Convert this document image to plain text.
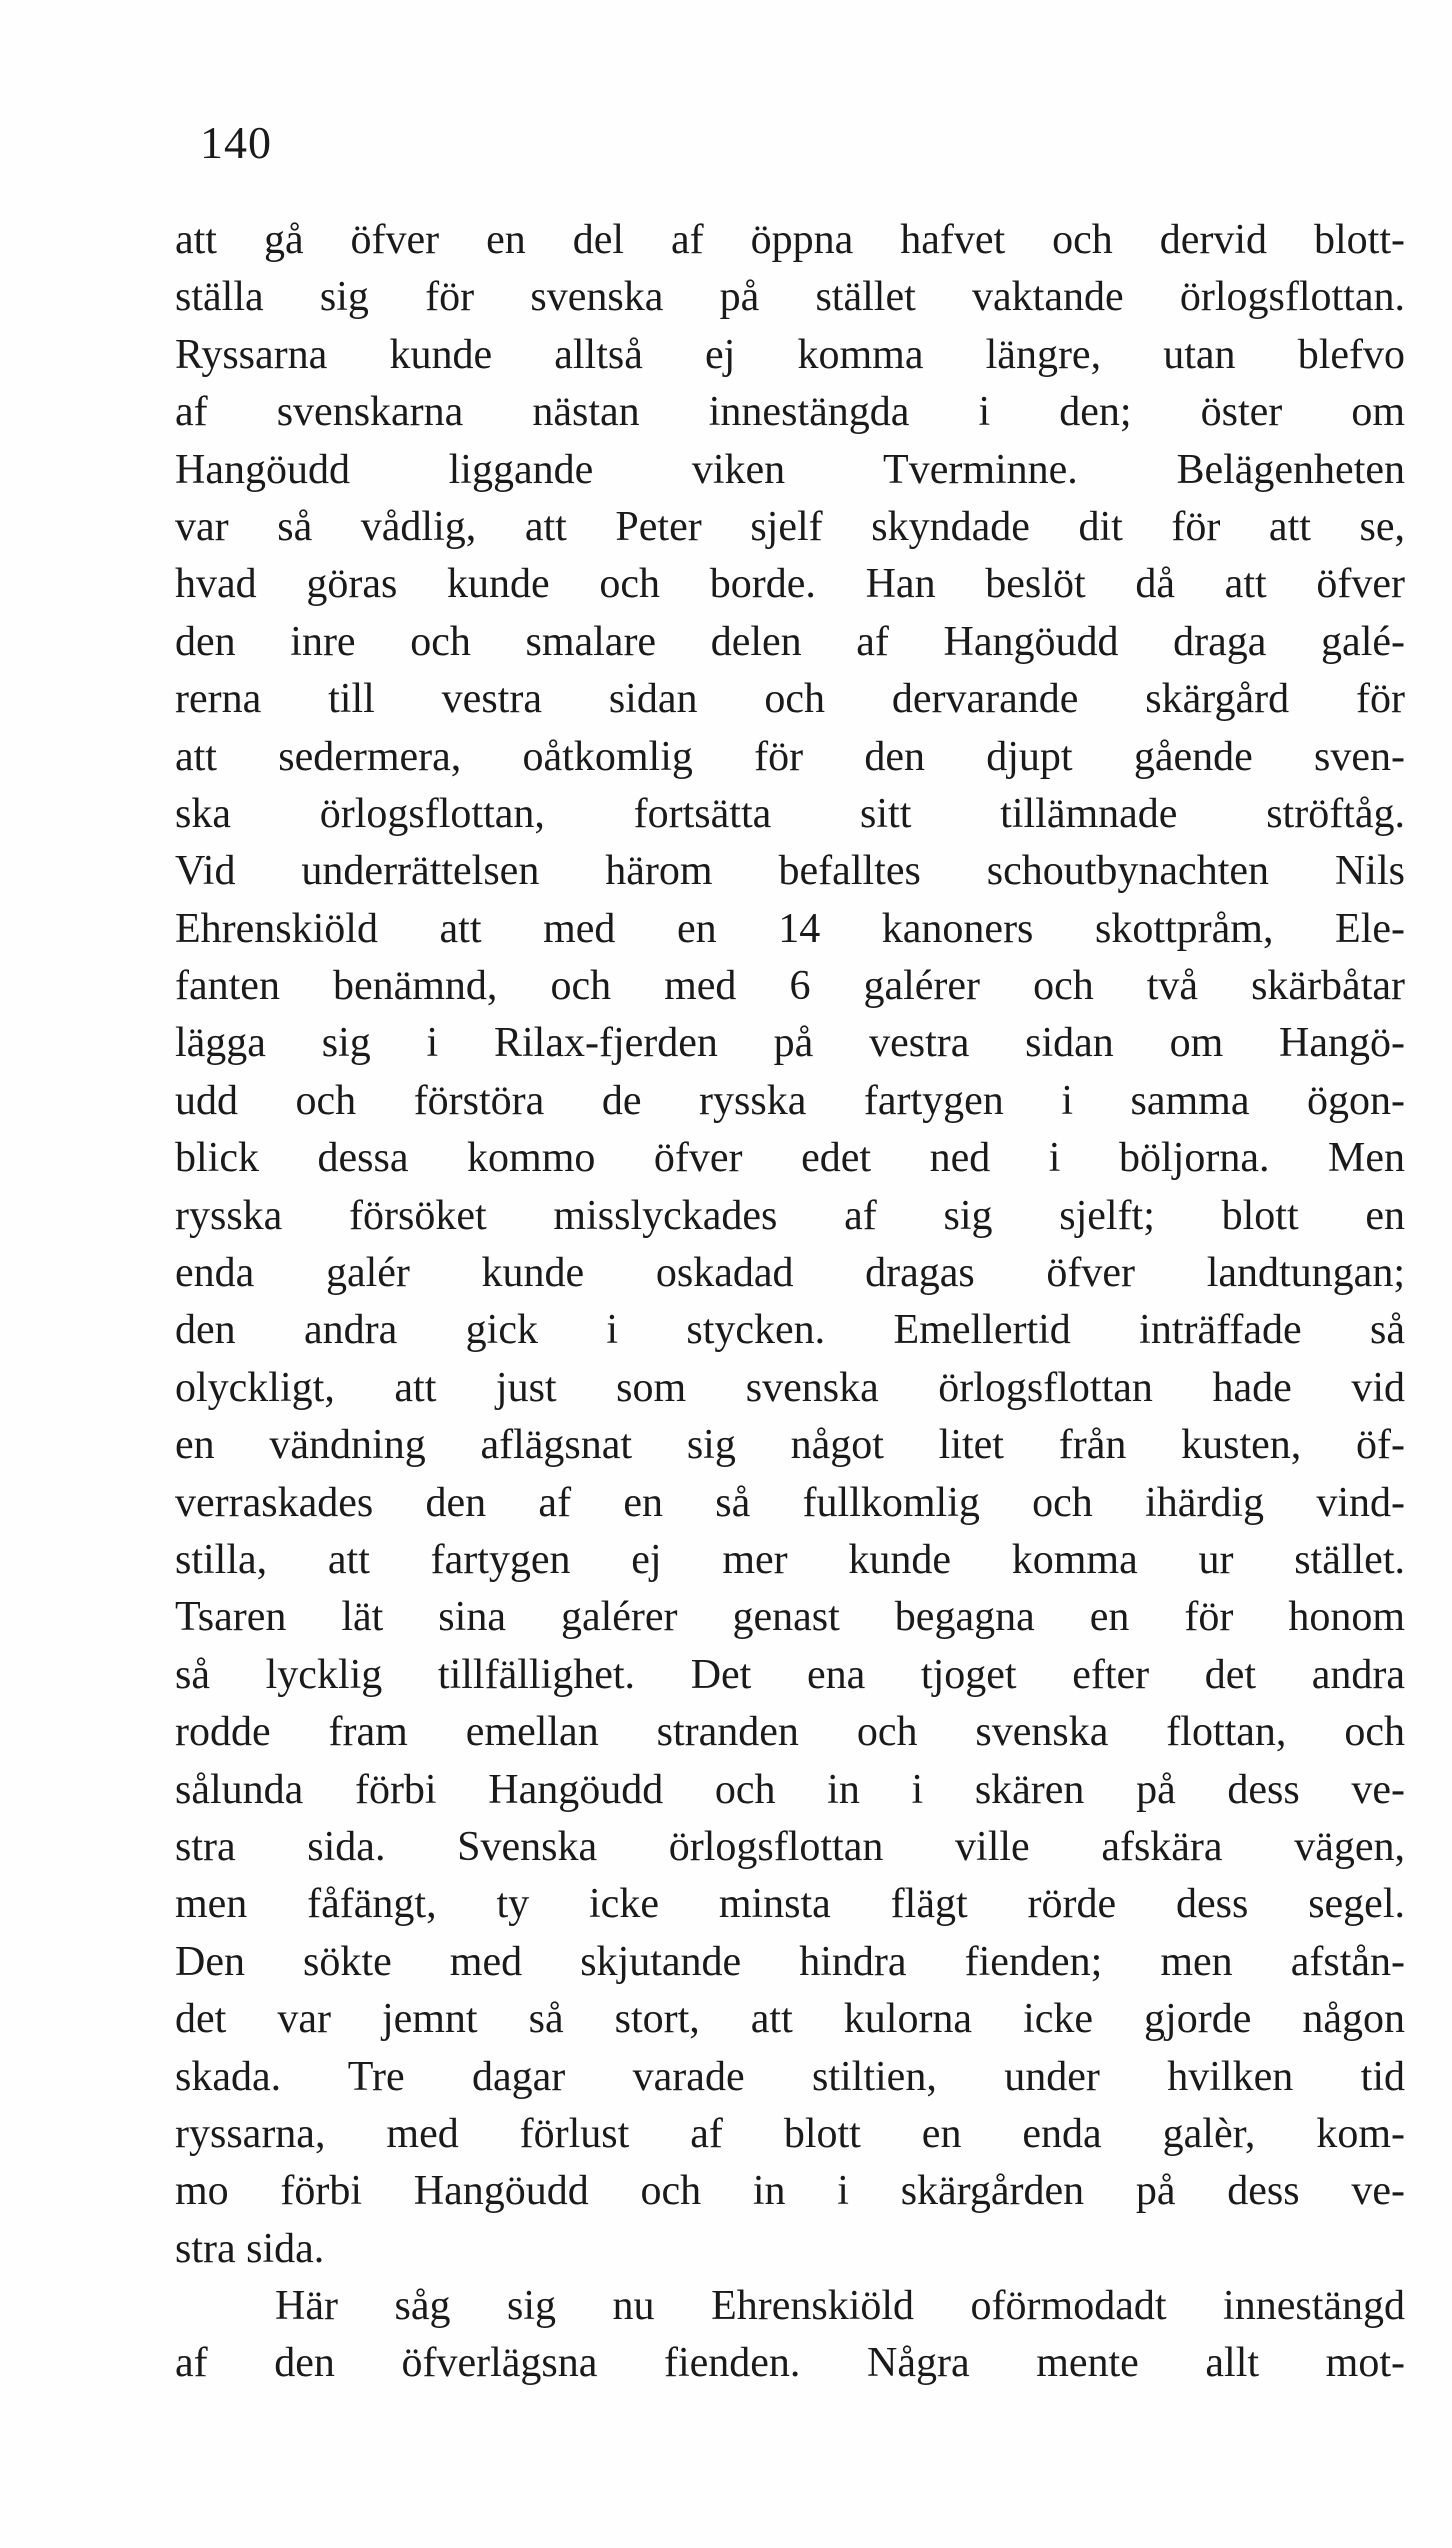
140
att gå öfver en del af öppna hafvet och dervid blott-
ställa sig för svenska på stället vaktande örlogsflottan.
Ryssarna kunde alltså ej komma längre, utan blefvo
af svenskarna nästan innestängda i den; öster om
Hangöudd liggande viken Tverminne. Belägenheten
var så vådlig, att Peter sjelf skyndade dit för att se,
hvad göras kunde och borde. Han beslöt då att öfver
den inre och smalare delen af Hangöudd draga galé-
rerna till vestra sidan och dervarande skärgård för
att sedermera, oåtkomlig för den djupt gående sven-
ska örlogsflottan, fortsätta sitt tillämnade ströftåg.
Vid underrättelsen härom befalltes schoutbynachten Nils
Ehrenskiöld att med en 14 kanoners skottpråm, Ele-
fanten benämnd, och med 6 galérer och två skärbåtar
lägga sig i Rilax-fjerden på vestra sidan om Hangö-
udd och förstöra de rysska fartygen i samma ögon-
blick dessa kommo öfver edet ned i böljorna. Men
rysska försöket misslyckades af sig sjelft; blott en
enda galér kunde oskadad dragas öfver landtungan;
den andra gick i stycken. Emellertid inträffade så
olyckligt, att just som svenska örlogsflottan hade vid
en vändning aflägsnat sig något litet från kusten, öf-
verraskades den af en så fullkomlig och ihärdig vind-
stilla, att fartygen ej mer kunde komma ur stället.
Tsaren lät sina galérer genast begagna en för honom
så lycklig tillfällighet. Det ena tjoget efter det andra
rodde fram emellan stranden och svenska flottan, och
sålunda förbi Hangöudd och in i skären på dess ve-
stra sida. Svenska örlogsflottan ville afskära vägen,
men fåfängt, ty icke minsta flägt rörde dess segel.
Den sökte med skjutande hindra fienden; men afstån-
det var jemnt så stort, att kulorna icke gjorde någon
skada. Tre dagar varade stiltien, under hvilken tid
ryssarna, med förlust af blott en enda galèr, kom-
mo förbi Hangöudd och in i skärgården på dess ve-
stra sida.
Här såg sig nu Ehrenskiöld oförmodadt innestängd
af den öfverlägsna fienden. Några mente allt mot-
